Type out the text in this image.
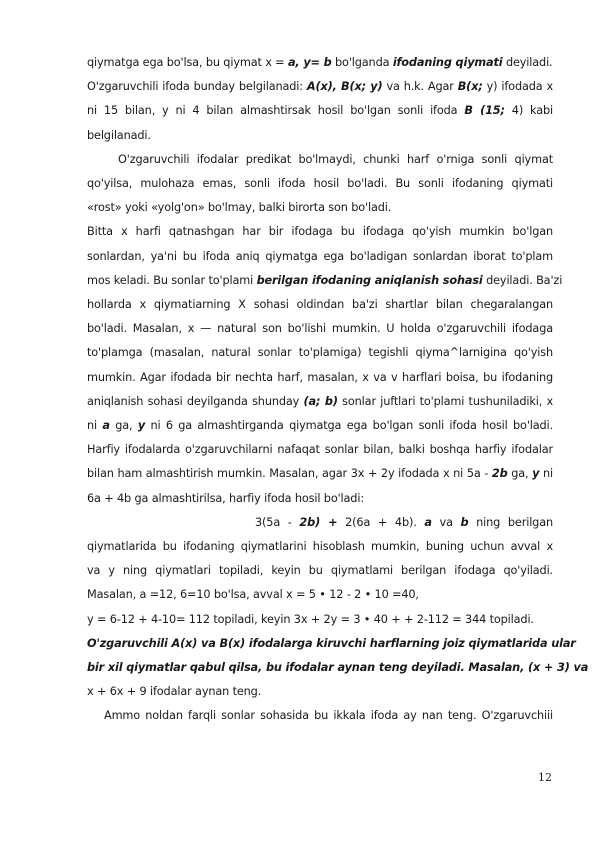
qiymatga ega bo'lsa, bu qiymat x = a, y= b bo'lganda ifodaning qiymati deyiladi.
O'zgaruvchili ifoda bunday belgilanadi: A(x), B(x; y) va h.k. Agar B(x; y) ifodada x
ni 15 bilan, y ni 4 bilan almashtirsak hosil bo'lgan sonli ifoda B (15; 4) kabi
belgilanadi.
O'zgaruvchili ifodalar predikat bo'lmaydi, chunki harf o'rniga sonli qiymat
qo'yilsa, mulohaza emas, sonli ifoda hosil bo'ladi. Bu sonli ifodaning qiymati
«rost» yoki «yolg'on» bo'lmay, balki birorta son bo'ladi.
Bitta x harfi qatnashgan har bir ifodaga bu ifodaga qo'yish mumkin bo'lgan
sonlardan, ya'ni bu ifoda aniq qiymatga ega bo'ladigan sonlardan iborat to'plam
mos keladi. Bu sonlar to'plami berilgan ifodaning aniqlanish sohasi deyiladi. Ba'zi
hollarda x qiymatiarning X sohasi oldindan ba'zi shartlar bilan chegaralangan
bo'ladi. Masalan, x — natural son bo'lishi mumkin. U holda o'zgaruvchili ifodaga
to'plamga (masalan, natural sonlar to'plamiga) tegishli qiyma^larnigina qo'yish
mumkin. Agar ifodada bir nechta harf, masalan, x va v harflari boisa, bu ifodaning
aniqlanish sohasi deyilganda shunday (a; b) sonlar juftlari to'plami tushuniladiki, x
ni a ga, y ni 6 ga almashtirganda qiymatga ega bo'lgan sonli ifoda hosil bo'ladi.
Harfiy ifodalarda o'zgaruvchilarni nafaqat sonlar bilan, balki boshqa harfiy ifodalar
bilan ham almashtirish mumkin. Masalan, agar 3x + 2y ifodada x ni 5a - 2b ga, y ni
6a + 4b ga almashtirilsa, harfiy ifoda hosil bo'ladi:
3(5a - 2b) + 2(6a + 4b). a va b ning berilgan
qiymatlarida bu ifodaning qiymatlarini hisoblash mumkin, buning uchun avval x
va y ning qiymatlari topiladi, keyin bu qiymatlami berilgan ifodaga qo'yiladi.
Masalan, a =12, 6=10 bo'lsa, avval x = 5 • 12 - 2 • 10 =40,
y = 6-12 + 4-10= 112 topiladi, keyin 3x + 2y = 3 • 40 + + 2-112 = 344 topiladi.
O'zgaruvchili A(x) va B(x) ifodalarga kiruvchi harflarning joiz qiymatlarida ular
bir xil qiymatlar qabul qilsa, bu ifodalar aynan teng deyiladi. Masalan, (x + 3) va
x + 6x + 9 ifodalar aynan teng.
Ammo noldan farqli sonlar sohasida bu ikkala ifoda ay nan teng. O'zgaruvchiii
12
